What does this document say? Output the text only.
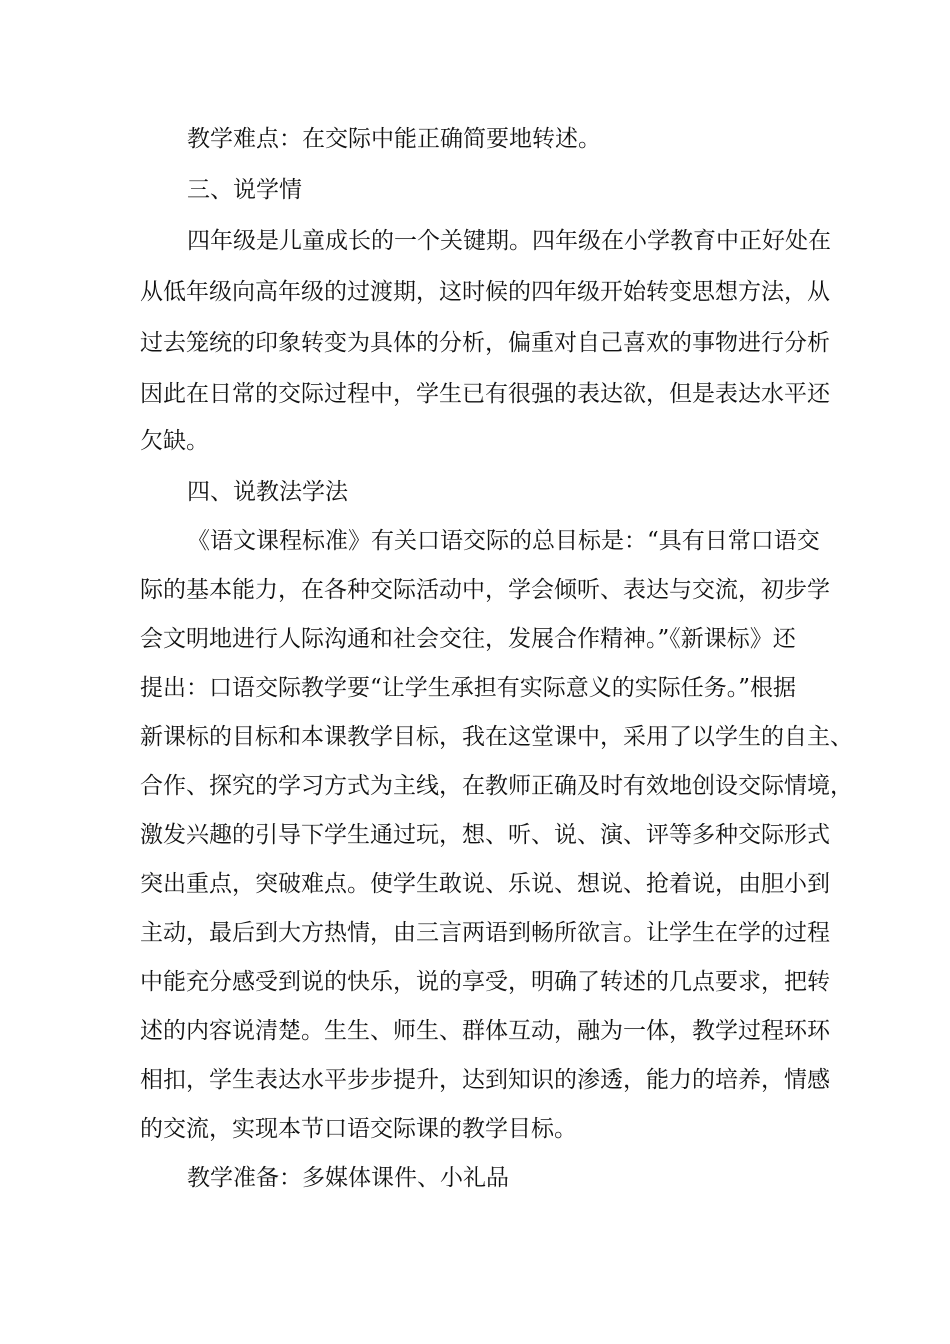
教学难点：在交际中能正确简要地转述。
三、说学情
四年级是儿童成长的一个关键期。四年级在小学教育中正好处在
从低年级向高年级的过渡期，这时候的四年级开始转变思想方法，从
过去笼统的印象转变为具体的分析，偏重对自己喜欢的事物进行分析
因此在日常的交际过程中，学生已有很强的表达欲，但是表达水平还
欠缺。
四、说教法学法
《语文课程标准》有关口语交际的总目标是：“具有日常口语交
际的基本能力，在各种交际活动中，学会倾听、表达与交流，初步学
会文明地进行人际沟通和社会交往，发展合作精神。”《新课标》还
提出：口语交际教学要“让学生承担有实际意义的实际任务。”根据
新课标的目标和本课教学目标，我在这堂课中，采用了以学生的自主、
合作、探究的学习方式为主线，在教师正确及时有效地创设交际情境，
激发兴趣的引导下学生通过玩，想、听、说、演、评等多种交际形式
突出重点，突破难点。使学生敢说、乐说、想说、抢着说，由胆小到
主动，最后到大方热情，由三言两语到畅所欲言。让学生在学的过程
中能充分感受到说的快乐，说的享受，明确了转述的几点要求，把转
述的内容说清楚。生生、师生、群体互动，融为一体，教学过程环环
相扣，学生表达水平步步提升，达到知识的渗透，能力的培养，情感
的交流，实现本节口语交际课的教学目标。
教学准备：多媒体课件、小礼品
